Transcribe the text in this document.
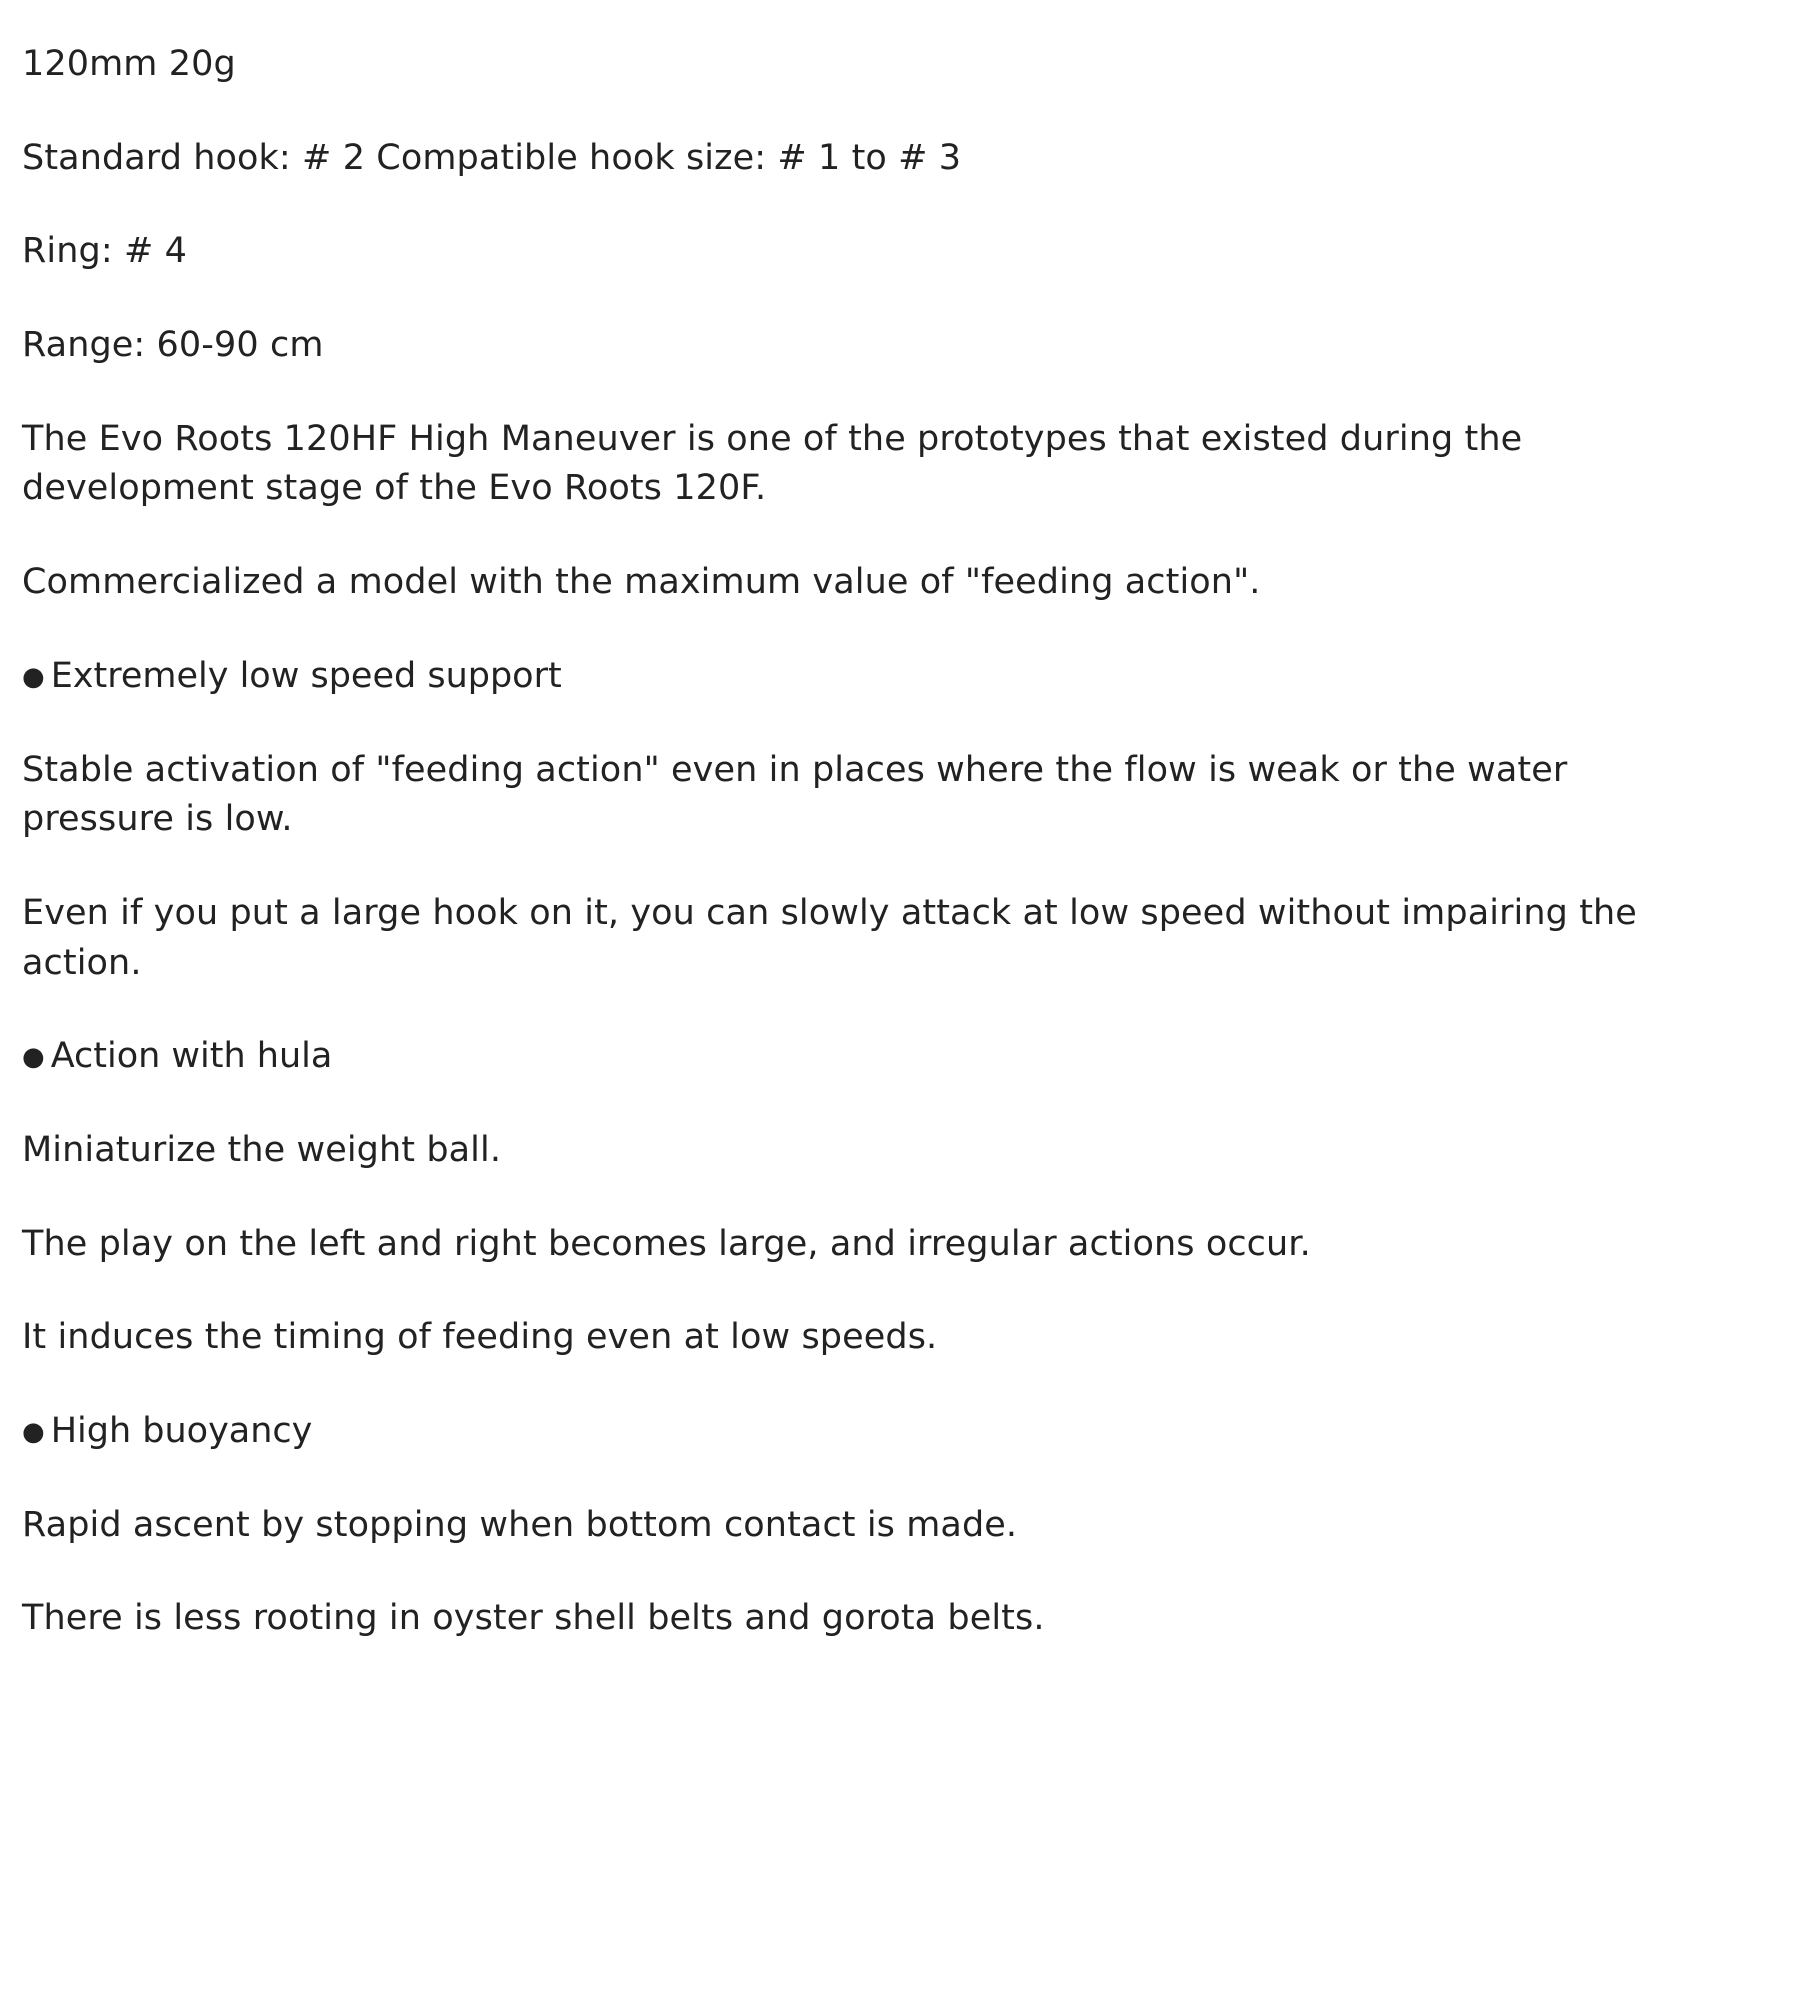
120mm 20g

Standard hook: # 2 Compatible hook size: # 1 to # 3

Ring: # 4

Range: 60-90 cm

The Evo Roots 120HF High Maneuver is one of the prototypes that existed during the development stage of the Evo Roots 120F.

Commercialized a model with the maximum value of "feeding action".

● Extremely low speed support

Stable activation of "feeding action" even in places where the flow is weak or the water pressure is low.

Even if you put a large hook on it, you can slowly attack at low speed without impairing the action.

● Action with hula

Miniaturize the weight ball.

The play on the left and right becomes large, and irregular actions occur.

It induces the timing of feeding even at low speeds.

● High buoyancy

Rapid ascent by stopping when bottom contact is made.

There is less rooting in oyster shell belts and gorota belts.
